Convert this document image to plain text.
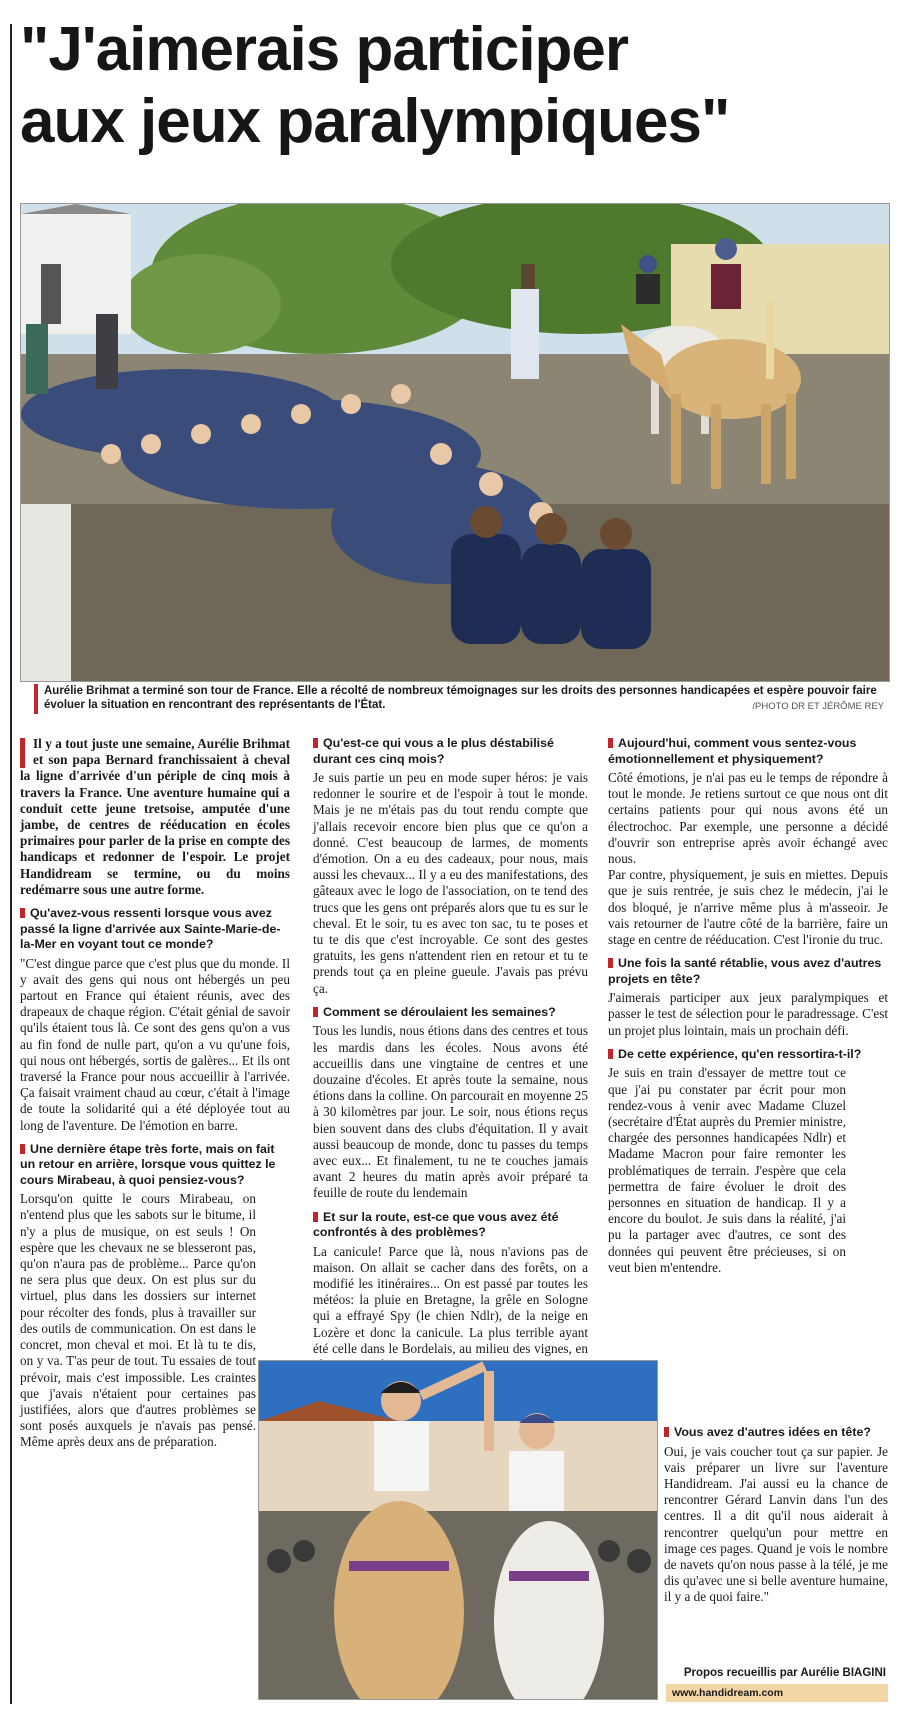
"J'aimerais participer
aux jeux paralympiques"
Aurélie Brihmat a terminé son tour de France. Elle a récolté de nombreux témoignages sur les droits des personnes handicapées et espère pouvoir faire évoluer la situation en rencontrant des représentants de l'État.	/PHOTO DR ET JÉRÔME REY

Il y a tout juste une semaine, Aurélie Brihmat et son papa Bernard franchissaient à cheval la ligne d'arrivée d'un périple de cinq mois à travers la France. Une aventure humaine qui a conduit cette jeune tretsoise, amputée d'une jambe, de centres de rééducation en écoles primaires pour parler de la prise en compte des handicaps et redonner de l'espoir. Le projet Handidream se termine, ou du moins redémarre sous une autre forme.

Qu'avez-vous ressenti lorsque vous avez passé la ligne d'arrivée aux Sainte-Marie-de-la-Mer en voyant tout ce monde?

"C'est dingue parce que c'est plus que du monde. Il y avait des gens qui nous ont hébergés un peu partout en France qui étaient réunis, avec des drapeaux de chaque région. C'était génial de savoir qu'ils étaient tous là. Ce sont des gens qu'on a vus au fin fond de nulle part, qu'on a vu qu'une fois, qui nous ont hébergés, sortis de galères... Et ils ont traversé la France pour nous accueillir à l'arrivée. Ça faisait vraiment chaud au cœur, c'était à l'image de toute la solidarité qui a été déployée tout au long de l'aventure. De l'émotion en barre.

Une dernière étape très forte, mais on fait un retour en arrière, lorsque vous quittez le cours Mirabeau, à quoi pensiez-vous?

Lorsqu'on quitte le cours Mirabeau, on n'entend plus que les sabots sur le bitume, il n'y a plus de musique, on est seuls ! On espère que les chevaux ne se blesseront pas, qu'on n'aura pas de problème... Parce qu'on ne sera plus que deux. On est plus sur du virtuel, plus dans les dossiers sur internet pour récolter des fonds, plus à travailler sur des outils de communication. On est dans le concret, mon cheval et moi. Et là tu te dis, on y va. T'as peur de tout. Tu essaies de tout prévoir, mais c'est impossible. Les craintes que j'avais n'étaient pour certaines pas justifiées, alors que d'autres problèmes se sont posés auxquels je n'avais pas pensé. Même après deux ans de préparation.

Qu'est-ce qui vous a le plus déstabilisé durant ces cinq mois?

Je suis partie un peu en mode super héros: je vais redonner le sourire et de l'espoir à tout le monde. Mais je ne m'étais pas du tout rendu compte que j'allais recevoir encore bien plus que ce qu'on a donné. C'est beaucoup de larmes, de moments d'émotion. On a eu des cadeaux, pour nous, mais aussi les chevaux... Il y a eu des manifestations, des gâteaux avec le logo de l'association, on te tend des trucs que les gens ont préparés alors que tu es sur le cheval. Et le soir, tu es avec ton sac, tu te poses et tu te dis que c'est incroyable. Ce sont des gestes gratuits, les gens n'attendent rien en retour et tu te prends tout ça en pleine gueule. J'avais pas prévu ça.

Comment se déroulaient les semaines?

Tous les lundis, nous étions dans des centres et tous les mardis dans les écoles. Nous avons été accueillis dans une vingtaine de centres et une douzaine d'écoles. Et après toute la semaine, nous étions dans la colline. On parcourait en moyenne 25 à 30 kilomètres par jour. Le soir, nous étions reçus bien souvent dans des clubs d'équitation. Il y avait aussi beaucoup de monde, donc tu passes du temps avec eux... Et finalement, tu ne te couches jamais avant 2 heures du matin après avoir préparé ta feuille de route du lendemain

Et sur la route, est-ce que vous avez été confrontés à des problèmes?

La canicule! Parce que là, nous n'avions pas de maison. On allait se cacher dans des forêts, on a modifié les itinéraires... On est passé par toutes les météos: la pluie en Bretagne, la grêle en Sologne qui a effrayé Spy (le chien Ndlr), de la neige en Lozère et donc la canicule. La plus terrible ayant été celle dans le Bordelais, au milieu des vignes, en

Aujourd'hui, comment vous sentez-vous émotionnellement et physiquement?

Côté émotions, je n'ai pas eu le temps de répondre à tout le monde. Je retiens surtout ce que nous ont dit certains patients pour qui nous avons été un électrochoc. Par exemple, une personne a décidé d'ouvrir son entreprise après avoir échangé avec nous.

Par contre, physiquement, je suis en miettes. Depuis que je suis rentrée, je suis chez le médecin, j'ai le dos bloqué, je n'arrive même plus à m'asseoir. Je vais retourner de l'autre côté de la barrière, faire un stage en centre de rééducation. C'est l'ironie du truc.

Une fois la santé rétablie, vous avez d'autres projets en tête?

J'aimerais participer aux jeux paralympiques et passer le test de sélection pour le paradressage. C'est un projet plus lointain, mais un prochain défi.

De cette expérience, qu'en ressortira-t-il?

Je suis en train d'essayer de mettre tout ce que j'ai pu constater par écrit pour mon rendez-vous à venir avec Madame Cluzel (secrétaire d'État auprès du Premier ministre, chargée des personnes handicapées Ndlr) et Madame Macron pour faire remonter les problématiques de terrain. J'espère que cela permettra de faire évoluer le droit des personnes en situation de handicap. Il y a encore du boulot. Je suis dans la réalité, j'ai pu la partager avec d'autres, ce sont des données qui peuvent être précieuses, si on veut bien m'entendre.

Vous avez d'autres idées en tête?

Oui, je vais coucher tout ça sur papier. Je vais préparer un livre sur l'aventure Handidream. J'ai aussi eu la chance de rencontrer Gérard Lanvin dans l'un des centres. Il a dit qu'il nous aiderait à rencontrer quelqu'un pour mettre en image ces pages. Quand je vois le nombre de navets qu'on nous passe à la télé, je me dis qu'avec une si belle aventure humaine, il y a de quoi faire."

Propos recueillis par Aurélie BIAGINI
www.handidream.com
